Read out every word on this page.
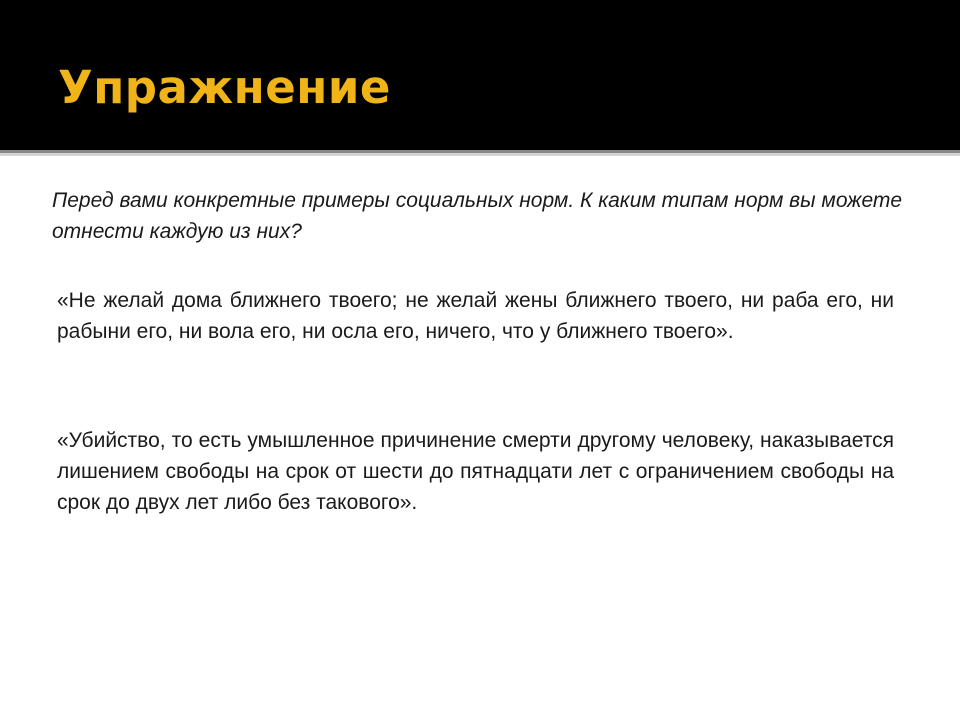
Упражнение

Перед вами конкретные примеры социальных норм. К каким типам норм вы можете отнести каждую из них?

«Не желай дома ближнего твоего; не желай жены ближнего твоего, ни раба его, ни рабыни его, ни вола его, ни осла его, ничего, что у ближнего твоего».

«Убийство, то есть умышленное причинение смерти другому человеку, наказывается лишением свободы на срок от шести до пятнадцати лет с ограничением свободы на срок до двух лет либо без такового».
